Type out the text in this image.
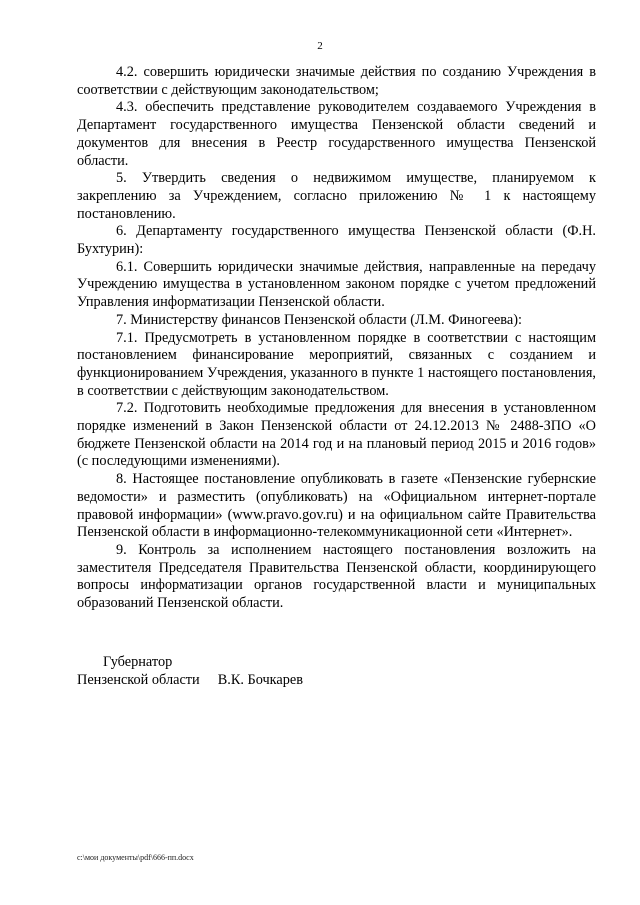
2

4.2. совершить юридически значимые действия по созданию Учреждения в соответствии с действующим законодательством;

4.3. обеспечить представление руководителем создаваемого Учреждения в Департамент государственного имущества Пензенской области сведений и документов для внесения в Реестр государственного имущества Пензенской области.

5. Утвердить сведения о недвижимом имуществе, планируемом к закреплению за Учреждением, согласно приложению № 1 к настоящему постановлению.

6. Департаменту государственного имущества Пензенской области (Ф.Н. Бухтурин):

6.1. Совершить юридически значимые действия, направленные на передачу Учреждению имущества в установленном законом порядке с учетом предложений Управления информатизации Пензенской области.

7. Министерству финансов Пензенской области (Л.М. Финогеева):

7.1. Предусмотреть в установленном порядке в соответствии с настоящим постановлением финансирование мероприятий, связанных с созданием и функционированием Учреждения, указанного в пункте 1 настоящего постановления, в соответствии с действующим законодательством.

7.2. Подготовить необходимые предложения для внесения в установленном порядке изменений в Закон Пензенской области от 24.12.2013 № 2488-ЗПО «О бюджете Пензенской области на 2014 год и на плановый период 2015 и 2016 годов» (с последующими изменениями).

8. Настоящее постановление опубликовать в газете «Пензенские губернские ведомости» и разместить (опубликовать) на «Официальном интернет-портале правовой информации» (www.pravo.gov.ru) и на официальном сайте Правительства Пензенской области в информационно-телекоммуникационной сети «Интернет».

9. Контроль за исполнением настоящего постановления возложить на заместителя Председателя Правительства Пензенской области, координирующего вопросы информатизации органов государственной власти и муниципальных образований Пензенской области.

Губернатор
Пензенской области В.К. Бочкарев
c:\мои документы\pdf\666-пп.docx
